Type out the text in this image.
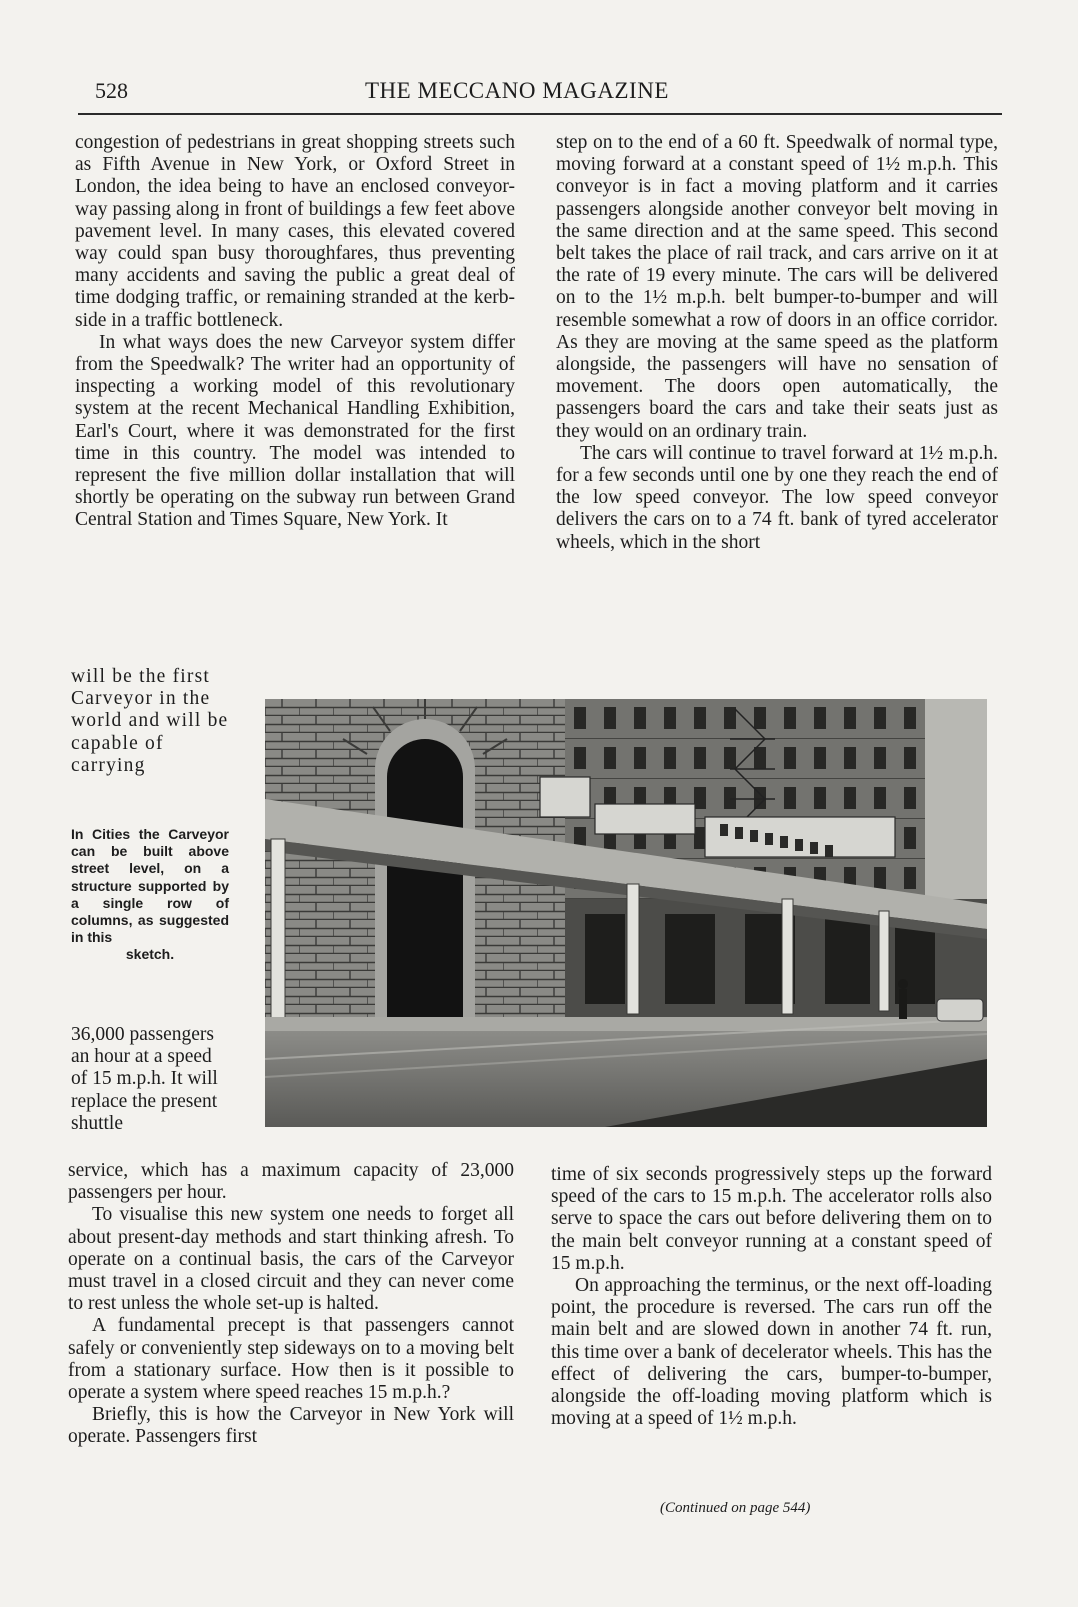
528	THE MECCANO MAGAZINE

congestion of pedestrians in great shopping streets such as Fifth Avenue in New York, or Oxford Street in London, the idea being to have an enclosed conveyor-way passing along in front of buildings a few feet above pavement level. In many cases, this elevated covered way could span busy thoroughfares, thus preventing many accidents and saving the public a great deal of time dodging traffic, or remaining stranded at the kerb-side in a traffic bottleneck.

In what ways does the new Carveyor system differ from the Speedwalk? The writer had an opportunity of inspecting a working model of this revolutionary system at the recent Mechanical Handling Exhibition, Earl's Court, where it was demonstrated for the first time in this country. The model was intended to represent the five million dollar installation that will shortly be operating on the subway run between Grand Central Station and Times Square, New York. It

will be the first Carveyor in the world and will be capable of carrying

In Cities the Carveyor can be built above street level, on a structure supported by a single row of columns, as suggested in this
sketch.

36,000 passengers an hour at a speed of 15 m.p.h. It will replace the present shuttle

service, which has a maximum capacity of 23,000 passengers per hour.

To visualise this new system one needs to forget all about present-day methods and start thinking afresh. To operate on a continual basis, the cars of the Carveyor must travel in a closed circuit and they can never come to rest unless the whole set-up is halted.

A fundamental precept is that passengers cannot safely or conveniently step sideways on to a moving belt from a stationary surface. How then is it possible to operate a system where speed reaches 15 m.p.h.?

Briefly, this is how the Carveyor in New York will operate. Passengers first

step on to the end of a 60 ft. Speedwalk of normal type, moving forward at a constant speed of 1½ m.p.h. This conveyor is in fact a moving platform and it carries passengers alongside another conveyor belt moving in the same direction and at the same speed. This second belt takes the place of rail track, and cars arrive on it at the rate of 19 every minute. The cars will be delivered on to the 1½ m.p.h. belt bumper-to-bumper and will resemble somewhat a row of doors in an office corridor. As they are moving at the same speed as the platform alongside, the passengers will have no sensation of movement. The doors open automatically, the passengers board the cars and take their seats just as they would on an ordinary train.

The cars will continue to travel forward at 1½ m.p.h. for a few seconds until one by one they reach the end of the low speed conveyor. The low speed conveyor delivers the cars on to a 74 ft. bank of tyred accelerator wheels, which in the short

time of six seconds progressively steps up the forward speed of the cars to 15 m.p.h. The accelerator rolls also serve to space the cars out before delivering them on to the main belt conveyor running at a constant speed of 15 m.p.h.

On approaching the terminus, or the next off-loading point, the procedure is reversed. The cars run off the main belt and are slowed down in another 74 ft. run, this time over a bank of decelerator wheels. This has the effect of delivering the cars, bumper-to-bumper, alongside the off-loading moving platform which is moving at a speed of 1½ m.p.h.

(Continued on page 544)
